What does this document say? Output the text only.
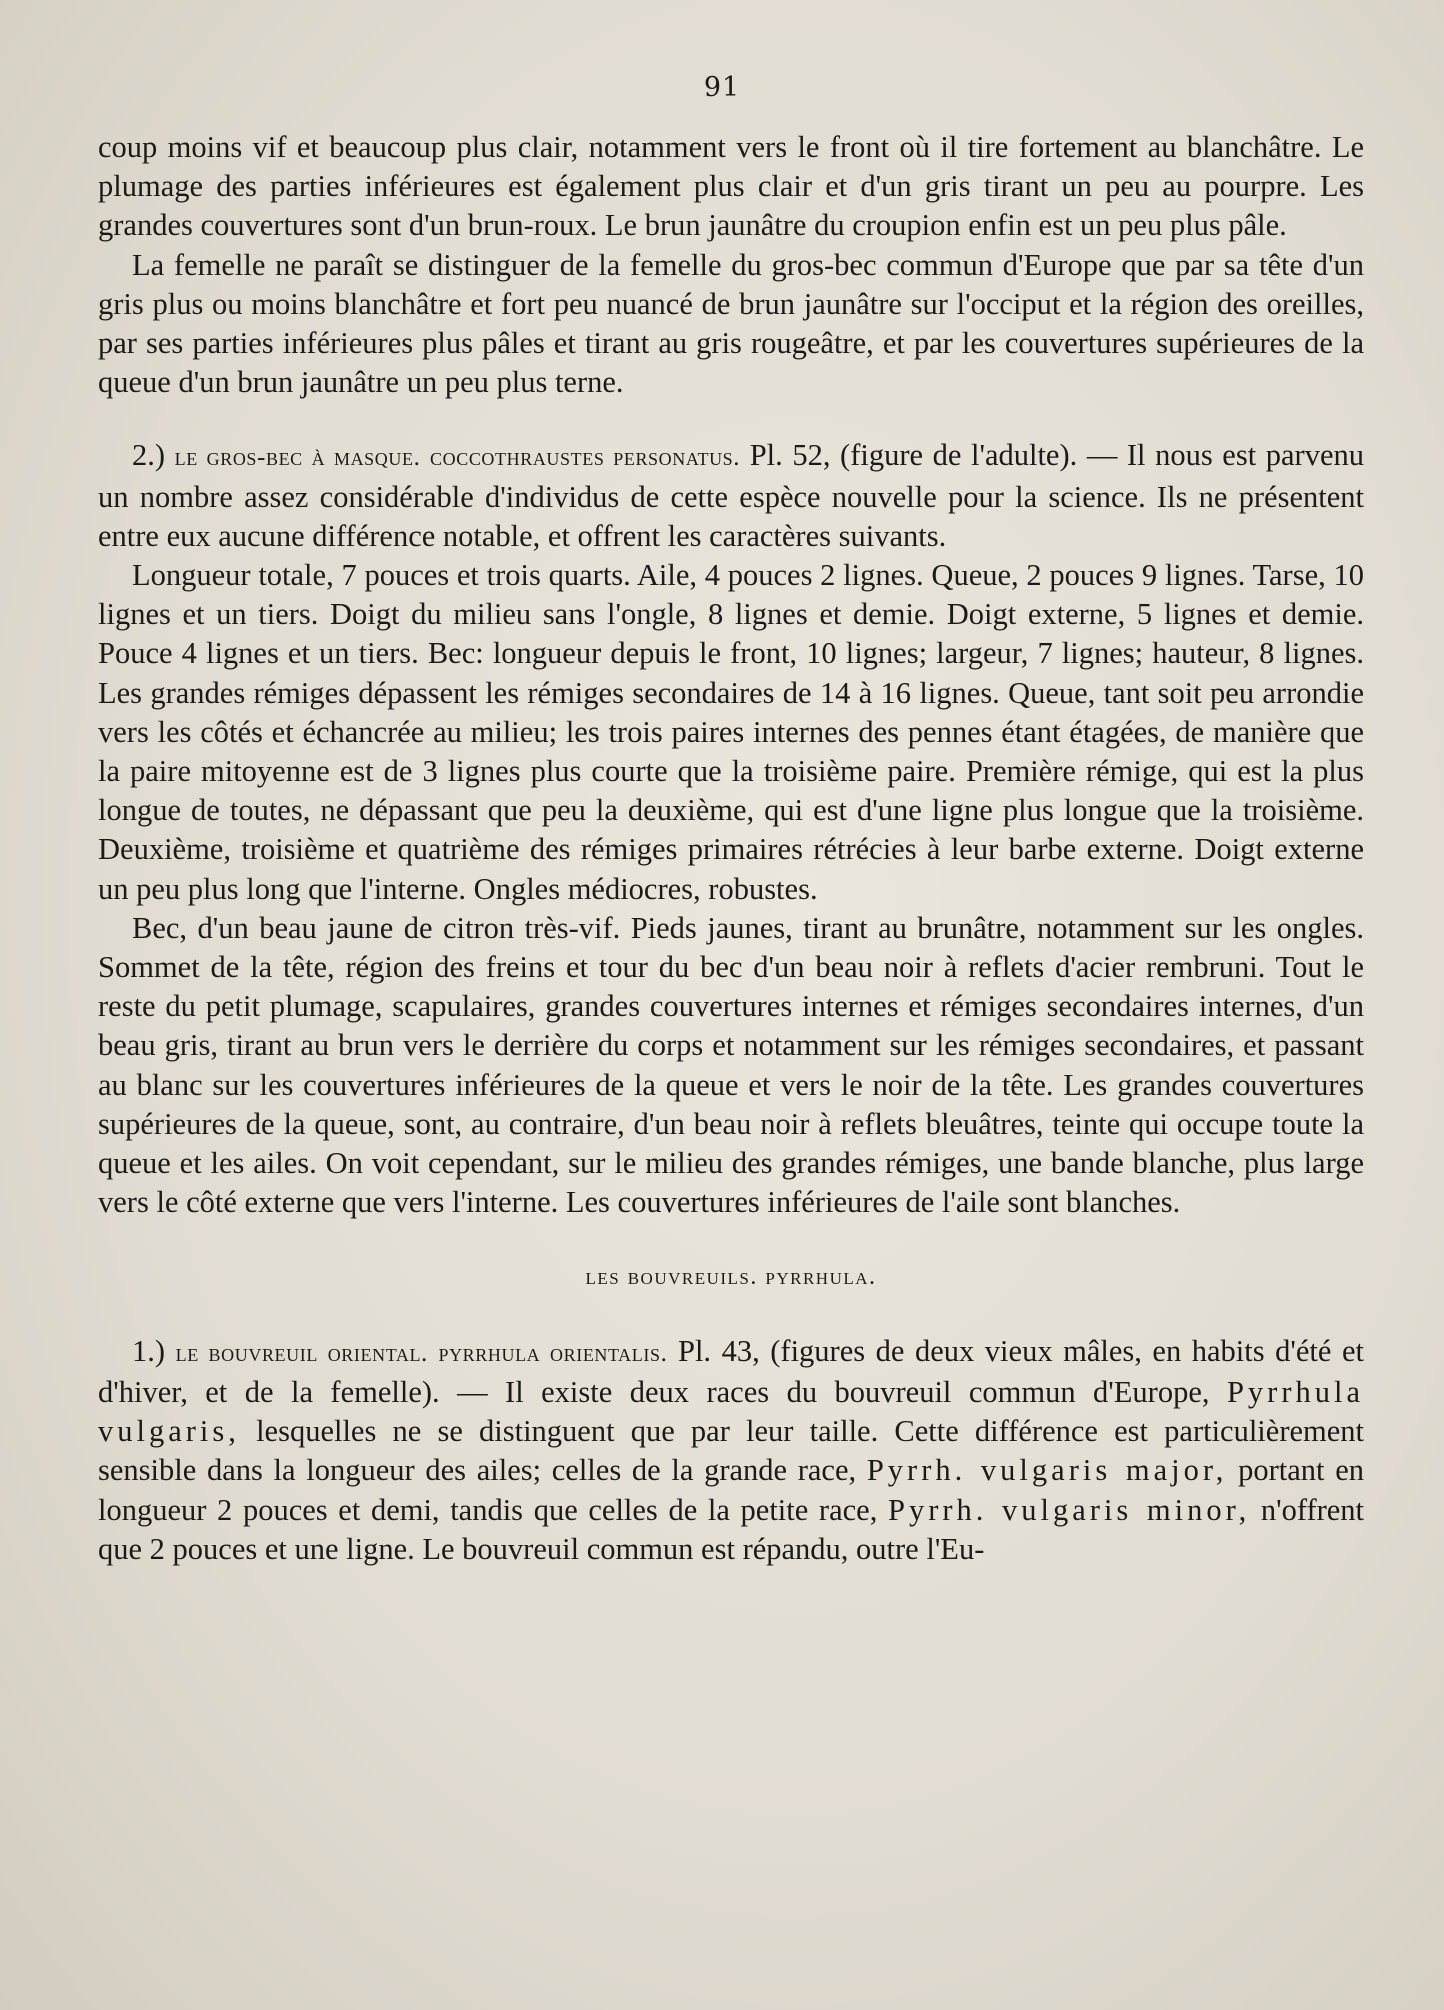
91

coup moins vif et beaucoup plus clair, notamment vers le front où il tire fortement au blanchâtre. Le plumage des parties inférieures est également plus clair et d'un gris tirant un peu au pourpre. Les grandes couvertures sont d'un brun-roux. Le brun jaunâtre du croupion enfin est un peu plus pâle.

La femelle ne paraît se distinguer de la femelle du gros-bec commun d'Europe que par sa tête d'un gris plus ou moins blanchâtre et fort peu nuancé de brun jaunâtre sur l'occiput et la région des oreilles, par ses parties inférieures plus pâles et tirant au gris rougeâtre, et par les couvertures supérieures de la queue d'un brun jaunâtre un peu plus terne.

2.) le gros-bec à masque. coccothraustes personatus. Pl. 52, (figure de l'adulte). — Il nous est parvenu un nombre assez considérable d'individus de cette espèce nouvelle pour la science. Ils ne présentent entre eux aucune différence notable, et offrent les caractères suivants.

Longueur totale, 7 pouces et trois quarts. Aile, 4 pouces 2 lignes. Queue, 2 pouces 9 lignes. Tarse, 10 lignes et un tiers. Doigt du milieu sans l'ongle, 8 lignes et demie. Doigt externe, 5 lignes et demie. Pouce 4 lignes et un tiers. Bec: longueur depuis le front, 10 lignes; largeur, 7 lignes; hauteur, 8 lignes. Les grandes rémiges dépassent les rémiges secondaires de 14 à 16 lignes. Queue, tant soit peu arrondie vers les côtés et échancrée au milieu; les trois paires internes des pennes étant étagées, de manière que la paire mitoyenne est de 3 lignes plus courte que la troisième paire. Première rémige, qui est la plus longue de toutes, ne dépassant que peu la deuxième, qui est d'une ligne plus longue que la troisième. Deuxième, troisième et quatrième des rémiges primaires rétrécies à leur barbe externe. Doigt externe un peu plus long que l'interne. Ongles médiocres, robustes.

Bec, d'un beau jaune de citron très-vif. Pieds jaunes, tirant au brunâtre, notamment sur les ongles. Sommet de la tête, région des freins et tour du bec d'un beau noir à reflets d'acier rembruni. Tout le reste du petit plumage, scapulaires, grandes couvertures internes et rémiges secondaires internes, d'un beau gris, tirant au brun vers le derrière du corps et notamment sur les rémiges secondaires, et passant au blanc sur les couvertures inférieures de la queue et vers le noir de la tête. Les grandes couvertures supérieures de la queue, sont, au contraire, d'un beau noir à reflets bleuâtres, teinte qui occupe toute la queue et les ailes. On voit cependant, sur le milieu des grandes rémiges, une bande blanche, plus large vers le côté externe que vers l'interne. Les couvertures inférieures de l'aile sont blanches.

les bouvreuils. pyrrhula.

1.) le bouvreuil oriental. pyrrhula orientalis. Pl. 43, (figures de deux vieux mâles, en habits d'été et d'hiver, et de la femelle). — Il existe deux races du bouvreuil commun d'Europe, Pyrrhula vulgaris, lesquelles ne se distinguent que par leur taille. Cette différence est particulièrement sensible dans la longueur des ailes; celles de la grande race, Pyrrh. vulgaris major, portant en longueur 2 pouces et demi, tandis que celles de la petite race, Pyrrh. vulgaris minor, n'offrent que 2 pouces et une ligne. Le bouvreuil commun est répandu, outre l'Eu-
